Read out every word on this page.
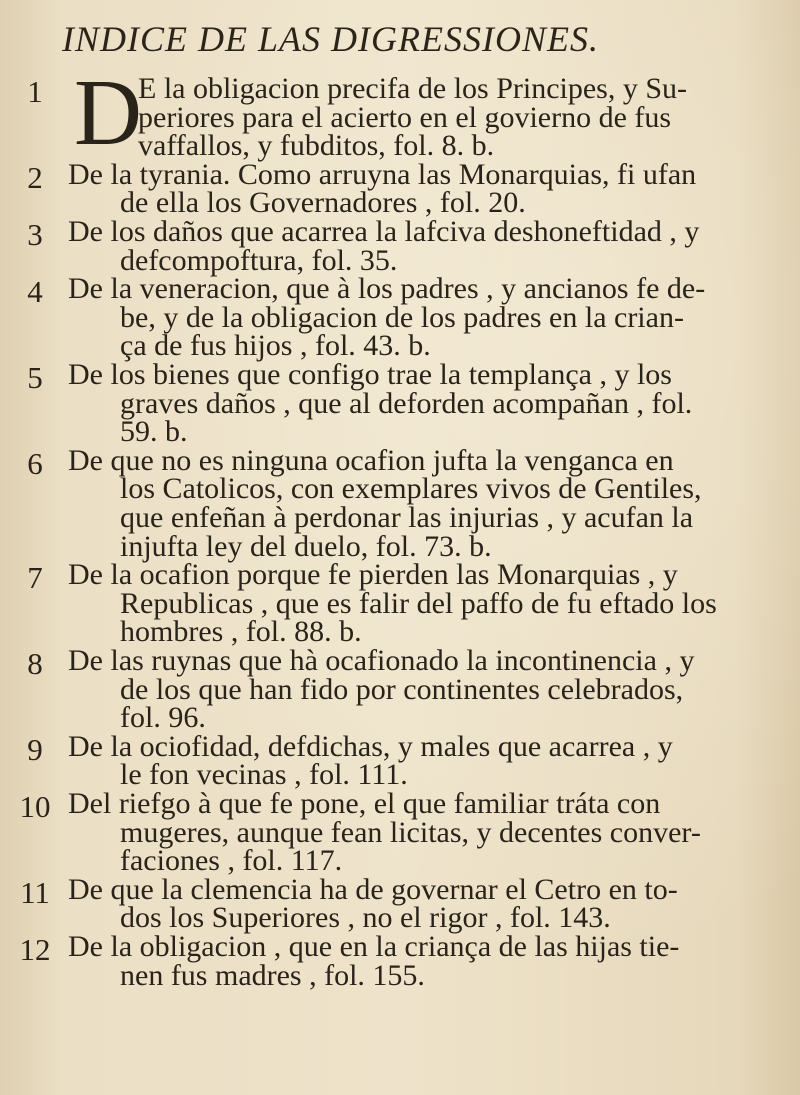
INDICE DE LAS DIGRESSIONES.
1 D
E la obligacion precifa de los Principes, y Su-
periores para el acierto en el govierno de fus
vaffallos, y fubditos, fol. 8. b.
2 De la tyrania. Como arruyna las Monarquias, fi ufan
de ella los Governadores , fol. 20.
3 De los daños que acarrea la lafciva deshoneftidad , y
defcompoftura, fol. 35.
4 De la veneracion, que à los padres , y ancianos fe de-
be, y de la obligacion de los padres en la crian-
ça de fus hijos , fol. 43. b.
5 De los bienes que configo trae la templança , y los
graves daños , que al deforden acompañan , fol.
59. b.
6 De que no es ninguna ocafion jufta la venganca en
los Catolicos, con exemplares vivos de Gentiles,
que enfeñan à perdonar las injurias , y acufan la
injufta ley del duelo, fol. 73. b.
7 De la ocafion porque fe pierden las Monarquias , y
Republicas , que es falir del paffo de fu eftado los
hombres , fol. 88. b.
8 De las ruynas que hà ocafionado la incontinencia , y
de los que han fido por continentes celebrados,
fol. 96.
9 De la ociofidad, defdichas, y males que acarrea , y
le fon vecinas , fol. 111.
10 Del riefgo à que fe pone, el que familiar tráta con
mugeres, aunque fean licitas, y decentes conver-
faciones , fol. 117.
11 De que la clemencia ha de governar el Cetro en to-
dos los Superiores , no el rigor , fol. 143.
12 De la obligacion , que en la criança de las hijas tie-
nen fus madres , fol. 155.
